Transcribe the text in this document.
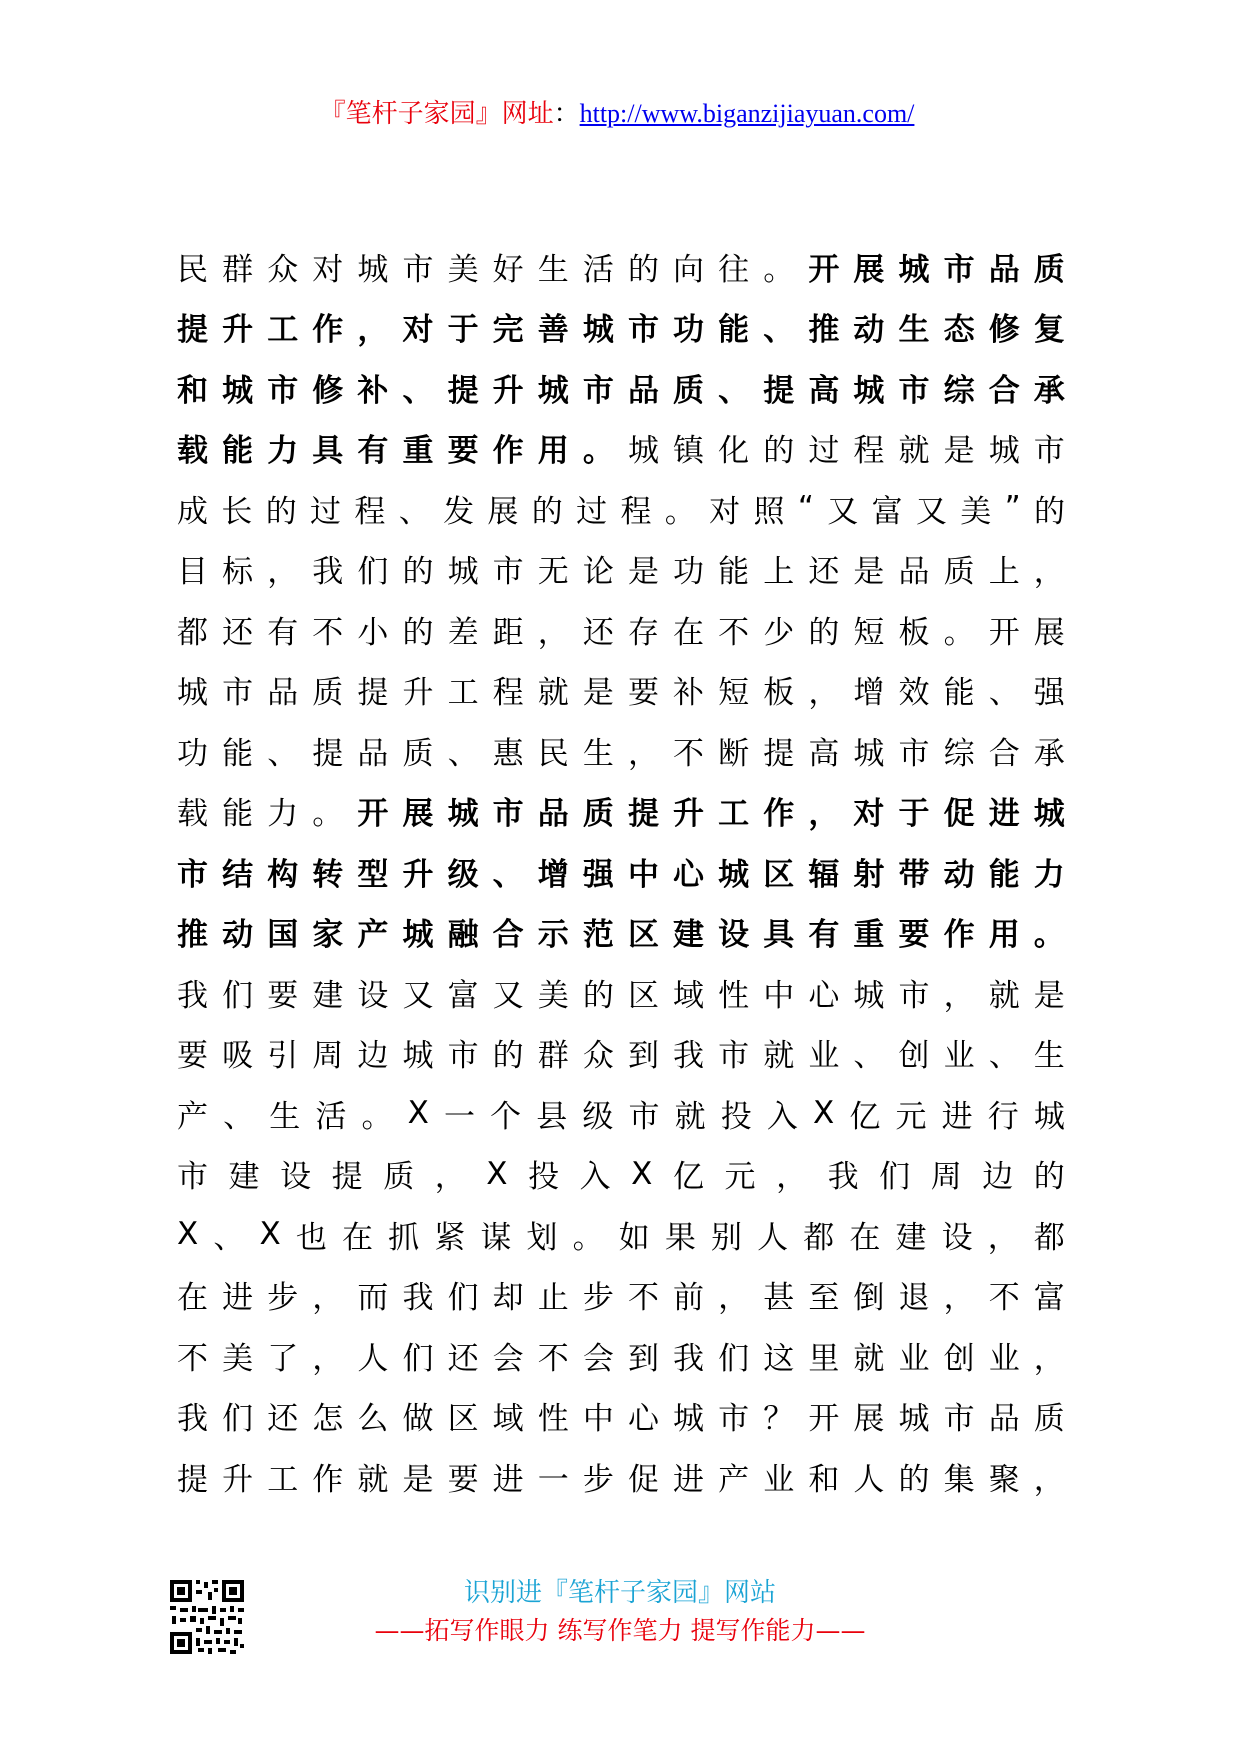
『笔杆子家园』网址：http://www.biganzijiayuan.com/
民 群 众 对 城 市 美 好 生 活 的 向 往 。 开 展 城 市 品 质
提 升 工 作 ， 对 于 完 善 城 市 功 能 、 推 动 生 态 修 复
和 城 市 修 补 、 提 升 城 市 品 质 、 提 高 城 市 综 合 承
载 能 力 具 有 重 要 作 用 。 城 镇 化 的 过 程 就 是 城 市
成 长 的 过 程 、 发 展 的 过 程 。 对 照 “ 又 富 又 美 ” 的
目 标 ， 我 们 的 城 市 无 论 是 功 能 上 还 是 品 质 上 ，
都 还 有 不 小 的 差 距 ， 还 存 在 不 少 的 短 板 。 开 展
城 市 品 质 提 升 工 程 就 是 要 补 短 板 ， 增 效 能 、 强
功 能 、 提 品 质 、 惠 民 生 ， 不 断 提 高 城 市 综 合 承
载 能 力 。 开 展 城 市 品 质 提 升 工 作 ， 对 于 促 进 城
市 结 构 转 型 升 级 、 增 强 中 心 城 区 辐 射 带 动 能 力
推 动 国 家 产 城 融 合 示 范 区 建 设 具 有 重 要 作 用 。
我 们 要 建 设 又 富 又 美 的 区 域 性 中 心 城 市 ， 就 是
要 吸 引 周 边 城 市 的 群 众 到 我 市 就 业 、 创 业 、 生
产 、 生 活 。 X 一 个 县 级 市 就 投 入 X 亿 元 进 行 城
市 建 设 提 质 ， X 投 入 X 亿 元 ， 我 们 周 边 的
X 、 X 也 在 抓 紧 谋 划 。 如 果 别 人 都 在 建 设 ， 都
在 进 步 ， 而 我 们 却 止 步 不 前 ， 甚 至 倒 退 ， 不 富
不 美 了 ， 人 们 还 会 不 会 到 我 们 这 里 就 业 创 业 ，
我 们 还 怎 么 做 区 域 性 中 心 城 市 ？ 开 展 城 市 品 质
提 升 工 作 就 是 要 进 一 步 促 进 产 业 和 人 的 集 聚 ，
识别进『笔杆子家园』网站
——拓写作眼力 练写作笔力 提写作能力——
